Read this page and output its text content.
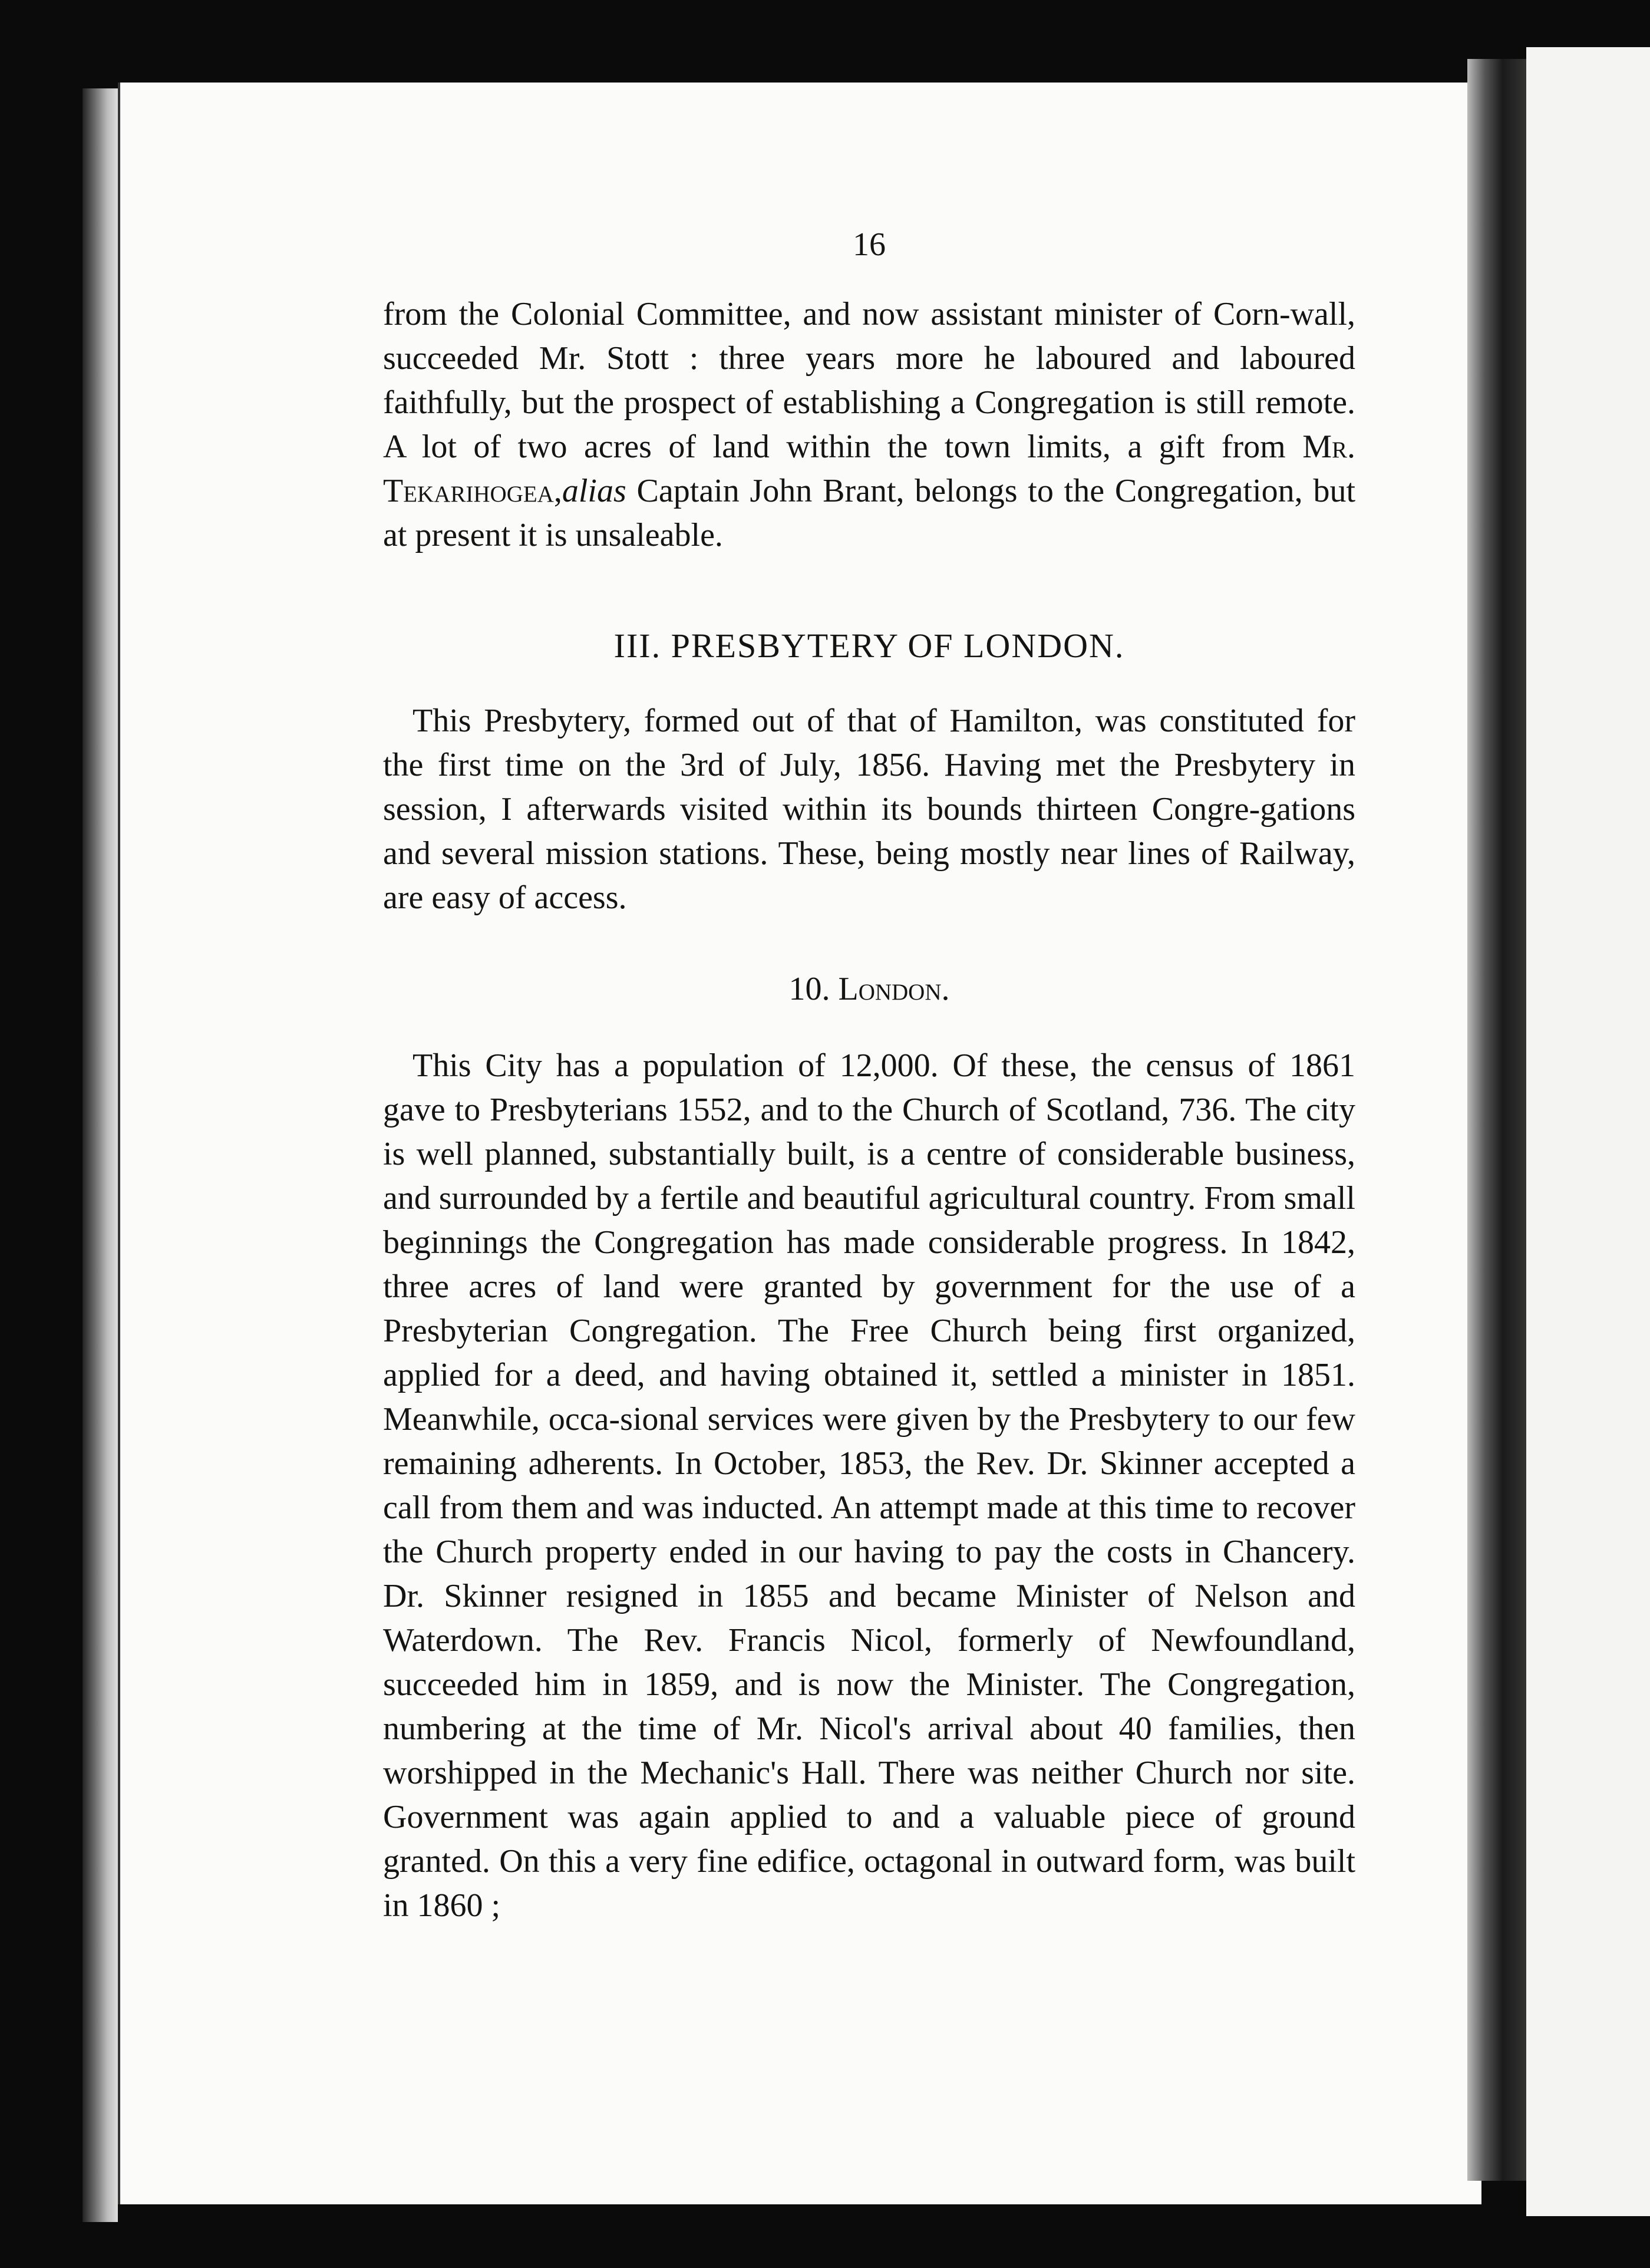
16

from the Colonial Committee, and now assistant minister of Corn-wall, succeeded Mr. Stott : three years more he laboured and laboured faithfully, but the prospect of establishing a Congregation is still remote. A lot of two acres of land within the town limits, a gift from Mr. Tekarihogea,alias Captain John Brant, belongs to the Congregation, but at present it is unsaleable.

III. PRESBYTERY OF LONDON.

This Presbytery, formed out of that of Hamilton, was constituted for the first time on the 3rd of July, 1856. Having met the Presbytery in session, I afterwards visited within its bounds thirteen Congre-gations and several mission stations. These, being mostly near lines of Railway, are easy of access.

10. London.

This City has a population of 12,000. Of these, the census of 1861 gave to Presbyterians 1552, and to the Church of Scotland, 736. The city is well planned, substantially built, is a centre of considerable business, and surrounded by a fertile and beautiful agricultural country. From small beginnings the Congregation has made considerable progress. In 1842, three acres of land were granted by government for the use of a Presbyterian Congregation. The Free Church being first organized, applied for a deed, and having obtained it, settled a minister in 1851. Meanwhile, occa-sional services were given by the Presbytery to our few remaining adherents. In October, 1853, the Rev. Dr. Skinner accepted a call from them and was inducted. An attempt made at this time to recover the Church property ended in our having to pay the costs in Chancery. Dr. Skinner resigned in 1855 and became Minister of Nelson and Waterdown. The Rev. Francis Nicol, formerly of Newfoundland, succeeded him in 1859, and is now the Minister. The Congregation, numbering at the time of Mr. Nicol's arrival about 40 families, then worshipped in the Mechanic's Hall. There was neither Church nor site. Government was again applied to and a valuable piece of ground granted. On this a very fine edifice, octagonal in outward form, was built in 1860 ;
